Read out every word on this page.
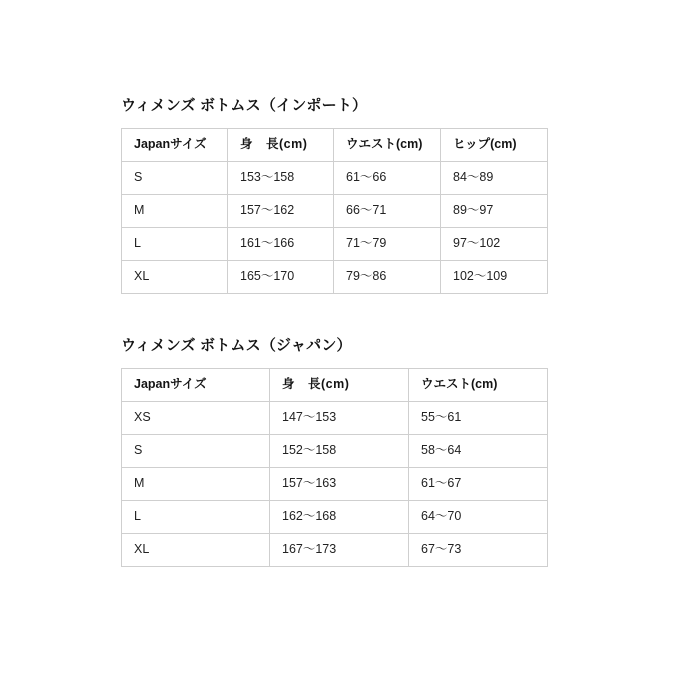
ウィメンズ ボトムス（インポート）
Japanサイズ	身　長(cm)	ウエスト(cm)	ヒップ(cm)
S	153〜158	61〜66	84〜89
M	157〜162	66〜71	89〜97
L	161〜166	71〜79	97〜102
XL	165〜170	79〜86	102〜109
ウィメンズ ボトムス（ジャパン）
Japanサイズ	身　長(cm)	ウエスト(cm)
XS	147〜153	55〜61
S	152〜158	58〜64
M	157〜163	61〜67
L	162〜168	64〜70
XL	167〜173	67〜73
